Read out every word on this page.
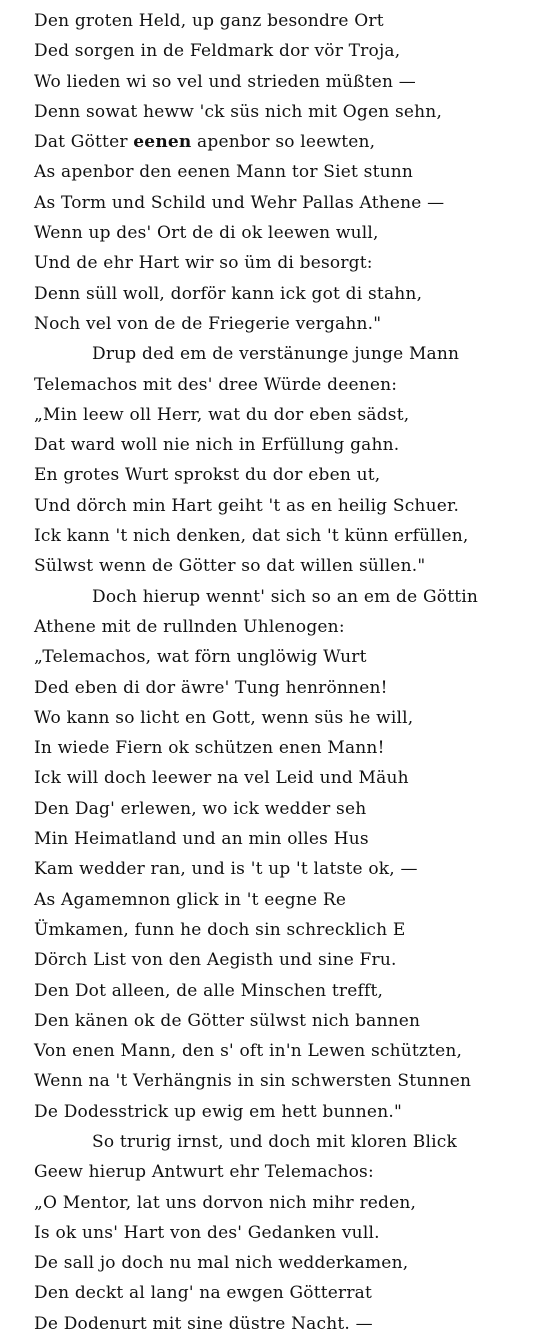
Den groten Held, up ganz besondre Ort
Ded sorgen in de Feldmark dor vör Troja,
Wo lieden wi so vel und strieden müßten —
Denn sowat heww 'ck süs nich mit Ogen sehn,
Dat Götter eenen apenbor so leewten,
As apenbor den eenen Mann tor Siet stunn
As Torm und Schild und Wehr Pallas Athene —
Wenn up des' Ort de di ok leewen wull,
Und de ehr Hart wir so üm di besorgt:
Denn süll woll, dorför kann ick got di stahn,
Noch vel von de de Friegerie vergahn."
Drup ded em de verstänunge junge Mann
Telemachos mit des' dree Würde deenen:
„Min leew oll Herr, wat du dor eben sädst,
Dat ward woll nie nich in Erfüllung gahn.
En grotes Wurt sprokst du dor eben ut,
Und dörch min Hart geiht 't as en heilig Schuer.
Ick kann 't nich denken, dat sich 't künn erfüllen,
Sülwst wenn de Götter so dat willen süllen."
Doch hierup wennt' sich so an em de Göttin
Athene mit de rullnden Uhlenogen:
„Telemachos, wat förn unglöwig Wurt
Ded eben di dor äwre' Tung henrönnen!
Wo kann so licht en Gott, wenn süs he will,
In wiede Fiern ok schützen enen Mann!
Ick will doch leewer na vel Leid und Mäuh
Den Dag' erlewen, wo ick wedder seh
Min Heimatland und an min olles Hus
Kam wedder ran, und is 't up 't latste ok, —
As Agamemnon glick in 't eegne Re
Ümkamen, funn he doch sin schrecklich E
Dörch List von den Aegisth und sine Fru.
Den Dot alleen, de alle Minschen trefft,
Den känen ok de Götter sülwst nich bannen
Von enen Mann, den s' oft in'n Lewen schützten,
Wenn na 't Verhängnis in sin schwersten Stunnen
De Dodesstrick up ewig em hett bunnen."
So trurig irnst, und doch mit kloren Blick
Geew hierup Antwurt ehr Telemachos:
„O Mentor, lat uns dorvon nich mihr reden,
Is ok uns' Hart von des' Gedanken vull.
De sall jo doch nu mal nich wedderkamen,
Den deckt al lang' na ewgen Götterrat
De Dodenurt mit sine düstre Nacht. —
